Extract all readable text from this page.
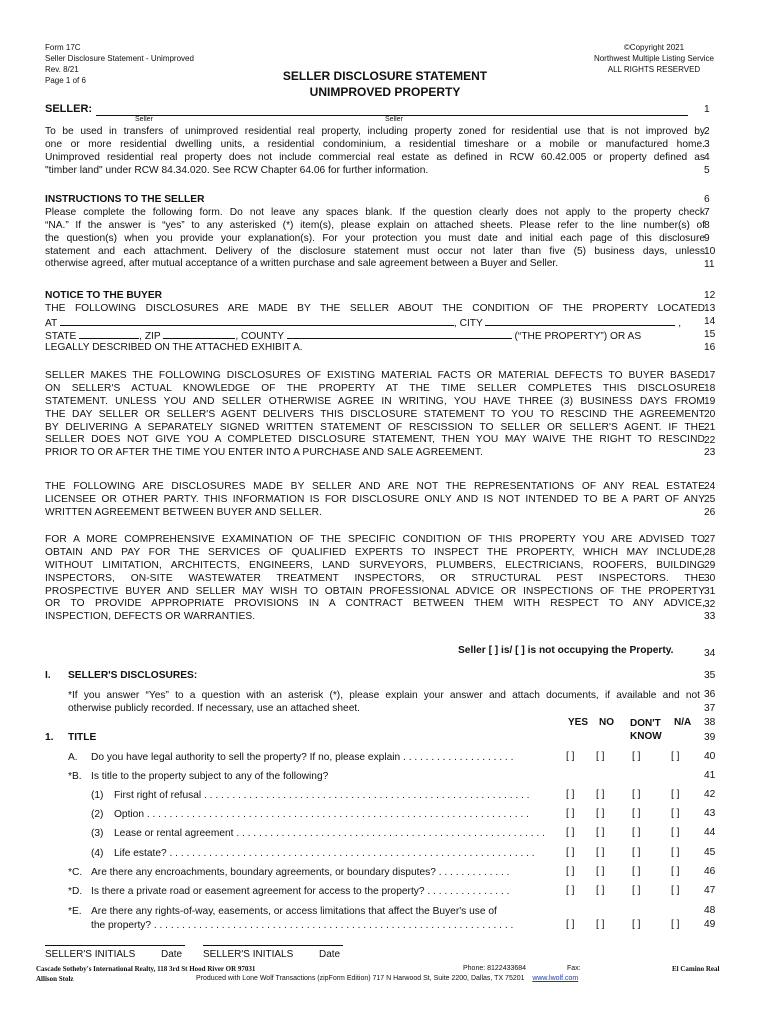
Form 17C
Seller Disclosure Statement - Unimproved
Rev. 8/21
Page 1 of 6
©Copyright 2021
Northwest Multiple Listing Service
ALL RIGHTS RESERVED
SELLER DISCLOSURE STATEMENT
UNIMPROVED PROPERTY
SELLER:
Seller	Seller
1
To be used in transfers of unimproved residential real property, including property zoned for residential use that is not improved by
one or more residential dwelling units, a residential condominium, a residential timeshare or a mobile or manufactured home.
Unimproved residential real property does not include commercial real estate as defined in RCW 60.42.005 or property defined as
"timber land" under RCW 84.34.020. See RCW Chapter 64.06 for further information.
2
3
4
5
INSTRUCTIONS TO THE SELLER
Please complete the following form. Do not leave any spaces blank. If the question clearly does not apply to the property check
“NA.” If the answer is “yes” to any asterisked (*) item(s), please explain on attached sheets. Please refer to the line number(s) of
the question(s) when you provide your explanation(s). For your protection you must date and initial each page of this disclosure
statement and each attachment. Delivery of the disclosure statement must occur not later than five (5) business days, unless
otherwise agreed, after mutual acceptance of a written purchase and sale agreement between a Buyer and Seller.
6
7
8
9
10
11
NOTICE TO THE BUYER
THE FOLLOWING DISCLOSURES ARE MADE BY THE SELLER ABOUT THE CONDITION OF THE PROPERTY LOCATED
AT	, CITY	,
STATE	, ZIP	, COUNTY	(“THE PROPERTY”) OR AS
LEGALLY DESCRIBED ON THE ATTACHED EXHIBIT A.
12
13
14
15
16
SELLER MAKES THE FOLLOWING DISCLOSURES OF EXISTING MATERIAL FACTS OR MATERIAL DEFECTS TO BUYER BASED
ON SELLER'S ACTUAL KNOWLEDGE OF THE PROPERTY AT THE TIME SELLER COMPLETES THIS DISCLOSURE
STATEMENT. UNLESS YOU AND SELLER OTHERWISE AGREE IN WRITING, YOU HAVE THREE (3) BUSINESS DAYS FROM
THE DAY SELLER OR SELLER'S AGENT DELIVERS THIS DISCLOSURE STATEMENT TO YOU TO RESCIND THE AGREEMENT
BY DELIVERING A SEPARATELY SIGNED WRITTEN STATEMENT OF RESCISSION TO SELLER OR SELLER'S AGENT. IF THE
SELLER DOES NOT GIVE YOU A COMPLETED DISCLOSURE STATEMENT, THEN YOU MAY WAIVE THE RIGHT TO RESCIND
PRIOR TO OR AFTER THE TIME YOU ENTER INTO A PURCHASE AND SALE AGREEMENT.
17
18
19
20
21
22
23
THE FOLLOWING ARE DISCLOSURES MADE BY SELLER AND ARE NOT THE REPRESENTATIONS OF ANY REAL ESTATE
LICENSEE OR OTHER PARTY. THIS INFORMATION IS FOR DISCLOSURE ONLY AND IS NOT INTENDED TO BE A PART OF ANY
WRITTEN AGREEMENT BETWEEN BUYER AND SELLER.
24
25
26
FOR A MORE COMPREHENSIVE EXAMINATION OF THE SPECIFIC CONDITION OF THIS PROPERTY YOU ARE ADVISED TO
OBTAIN AND PAY FOR THE SERVICES OF QUALIFIED EXPERTS TO INSPECT THE PROPERTY, WHICH MAY INCLUDE,
WITHOUT LIMITATION, ARCHITECTS, ENGINEERS, LAND SURVEYORS, PLUMBERS, ELECTRICIANS, ROOFERS, BUILDING
INSPECTORS, ON-SITE WASTEWATER TREATMENT INSPECTORS, OR STRUCTURAL PEST INSPECTORS. THE
PROSPECTIVE BUYER AND SELLER MAY WISH TO OBTAIN PROFESSIONAL ADVICE OR INSPECTIONS OF THE PROPERTY
OR TO PROVIDE APPROPRIATE PROVISIONS IN A CONTRACT BETWEEN THEM WITH RESPECT TO ANY ADVICE,
INSPECTION, DEFECTS OR WARRANTIES.
27
28
29
30
31
32
33
Seller [ ] is/ [ ] is not occupying the Property.	34
I. SELLER'S DISCLOSURES:	35
*If you answer “Yes” to a question with an asterisk (*), please explain your answer and attach documents, if available and not
otherwise publicly recorded. If necessary, use an attached sheet.
36
37
YES NO DON'T
KNOW
N/A 38
1. TITLE	39
A. Do you have legal authority to sell the property? If no, please explain . . . . . . . . . . . . . . . . . . . .	[ ] [ ]	[ ]	[ ] 40
*B. Is title to the property subject to any of the following?	41
(1) First right of refusal . . . . . . . . . . . . . . . . . . . . . . . . . . . . . . . . . . . . . . . . . . . . . . . . . . . . . . . . . .	[ ] [ ]	[ ]	[ ] 42
(2) Option . . . . . . . . . . . . . . . . . . . . . . . . . . . . . . . . . . . . . . . . . . . . . . . . . . . . . . . . . . . . . . . . . . . .	[ ] [ ]	[ ]	[ ] 43
(3) Lease or rental agreement . . . . . . . . . . . . . . . . . . . . . . . . . . . . . . . . . . . . . . . . . . . . . . . . . . . . . . .	[ ] [ ]	[ ]	[ ] 44
(4) Life estate? . . . . . . . . . . . . . . . . . . . . . . . . . . . . . . . . . . . . . . . . . . . . . . . . . . . . . . . . . . . . . . . . .	[ ] [ ]	[ ]	[ ] 45
*C. Are there any encroachments, boundary agreements, or boundary disputes? . . . . . . . . . . . . .	[ ] [ ]	[ ]	[ ] 46
*D. Is there a private road or easement agreement for access to the property? . . . . . . . . . . . . . . .	[ ] [ ]	[ ]	[ ] 47
*E. Are there any rights-of-way, easements, or access limitations that affect the Buyer's use of	48
the property? . . . . . . . . . . . . . . . . . . . . . . . . . . . . . . . . . . . . . . . . . . . . . . . . . . . . . . . . . . . . . . . .	[ ] [ ]	[ ]	[ ] 49
SELLER'S INITIALS	Date SELLER'S INITIALS	Date
Cascade Sotheby's International Realty, 118 3rd St Hood River OR 97031
Allison Stolz
Phone: 8122433684	Fax:	El Camino Real
Produced with Lone Wolf Transactions (zipForm Edition) 717 N Harwood St, Suite 2200, Dallas, TX 75201 www.lwolf.com
